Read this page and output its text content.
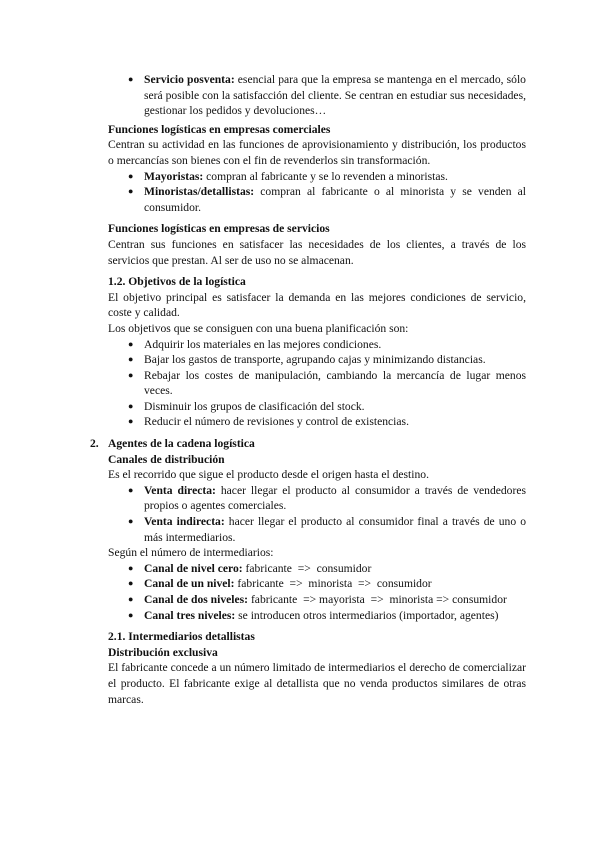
● Servicio posventa: esencial para que la empresa se mantenga en el mercado, sólo será posible con la satisfacción del cliente. Se centran en estudiar sus necesidades, gestionar los pedidos y devoluciones…

Funciones logísticas en empresas comerciales

Centran su actividad en las funciones de aprovisionamiento y distribución, los productos o mercancías son bienes con el fin de revenderlos sin transformación.

● Mayoristas: compran al fabricante y se lo revenden a minoristas.
● Minoristas/detallistas: compran al fabricante o al minorista y se venden al consumidor.

Funciones logísticas en empresas de servicios

Centran sus funciones en satisfacer las necesidades de los clientes, a través de los servicios que prestan. Al ser de uso no se almacenan.

1.2. Objetivos de la logística

El objetivo principal es satisfacer la demanda en las mejores condiciones de servicio, coste y calidad.

Los objetivos que se consiguen con una buena planificación son:

● Adquirir los materiales en las mejores condiciones.
● Bajar los gastos de transporte, agrupando cajas y minimizando distancias.
● Rebajar los costes de manipulación, cambiando la mercancía de lugar menos veces.
● Disminuir los grupos de clasificación del stock.
● Reducir el número de revisiones y control de existencias.
2. Agentes de la cadena logística

Canales de distribución

Es el recorrido que sigue el producto desde el origen hasta el destino.

● Venta directa: hacer llegar el producto al consumidor a través de vendedores propios o agentes comerciales.
● Venta indirecta: hacer llegar el producto al consumidor final a través de uno o más intermediarios.

Según el número de intermediarios:

● Canal de nivel cero: fabricante  =>  consumidor
● Canal de un nivel: fabricante  =>  minorista  =>  consumidor
● Canal de dos niveles: fabricante  => mayorista  =>  minorista => consumidor
● Canal tres niveles: se introducen otros intermediarios (importador, agentes)

2.1. Intermediarios detallistas

Distribución exclusiva

El fabricante concede a un número limitado de intermediarios el derecho de comercializar el producto. El fabricante exige al detallista que no venda productos similares de otras marcas.
